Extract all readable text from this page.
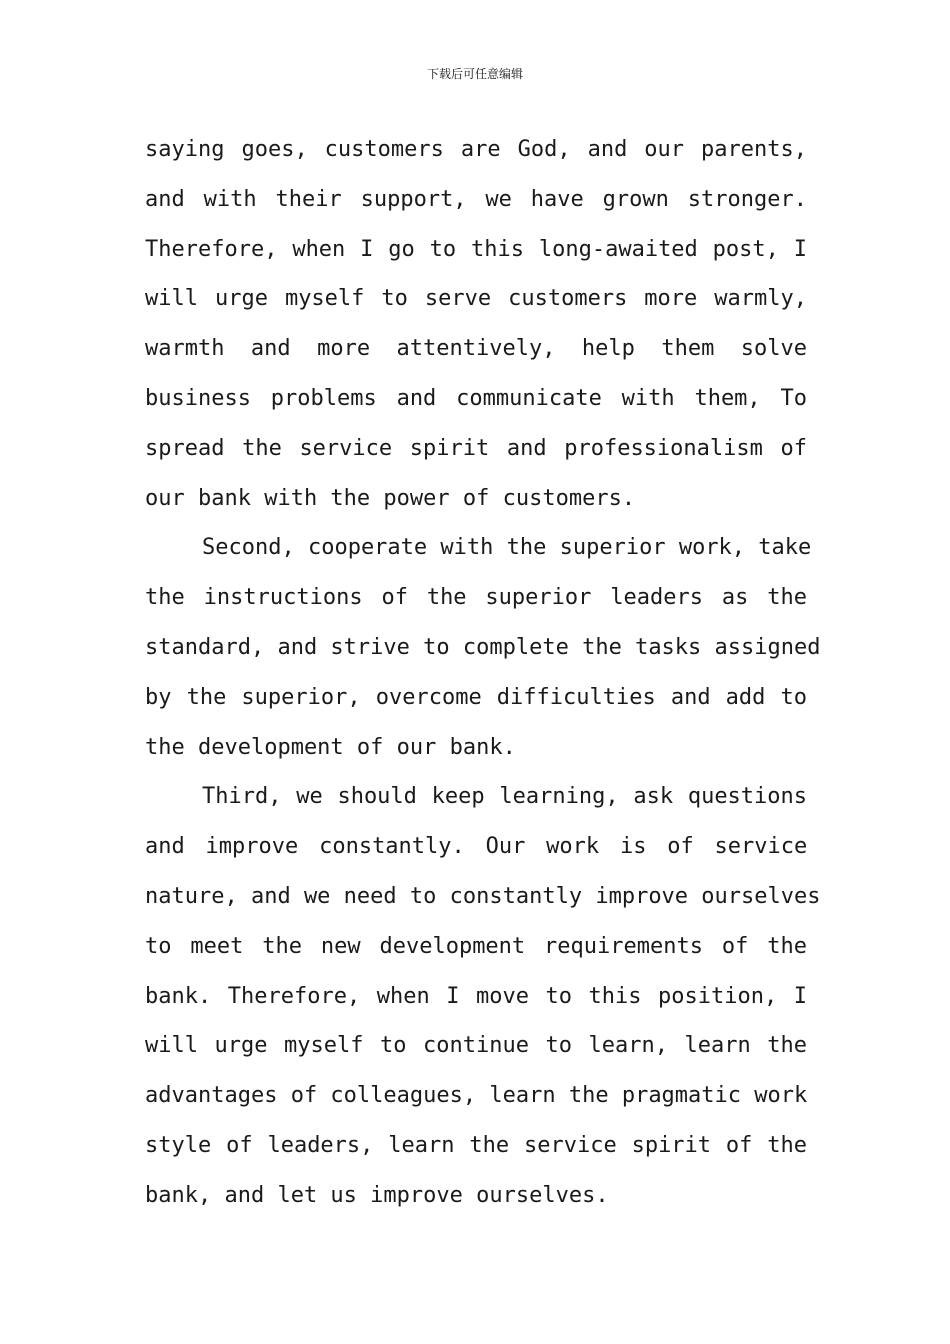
下载后可任意编辑
saying goes, customers are God, and our parents,
and with their support, we have grown stronger.
Therefore, when I go to this long-awaited post, I
will urge myself to serve customers more warmly,
warmth and more attentively, help them solve
business problems and communicate with them, To
spread the service spirit and professionalism of
our bank with the power of customers.
Second, cooperate with the superior work, take
the instructions of the superior leaders as the
standard, and strive to complete the tasks assigned
by the superior, overcome difficulties and add to
the development of our bank.
Third, we should keep learning, ask questions
and improve constantly. Our work is of service
nature, and we need to constantly improve ourselves
to meet the new development requirements of the
bank. Therefore, when I move to this position, I
will urge myself to continue to learn, learn the
advantages of colleagues, learn the pragmatic work
style of leaders, learn the service spirit of the
bank, and let us improve ourselves.
